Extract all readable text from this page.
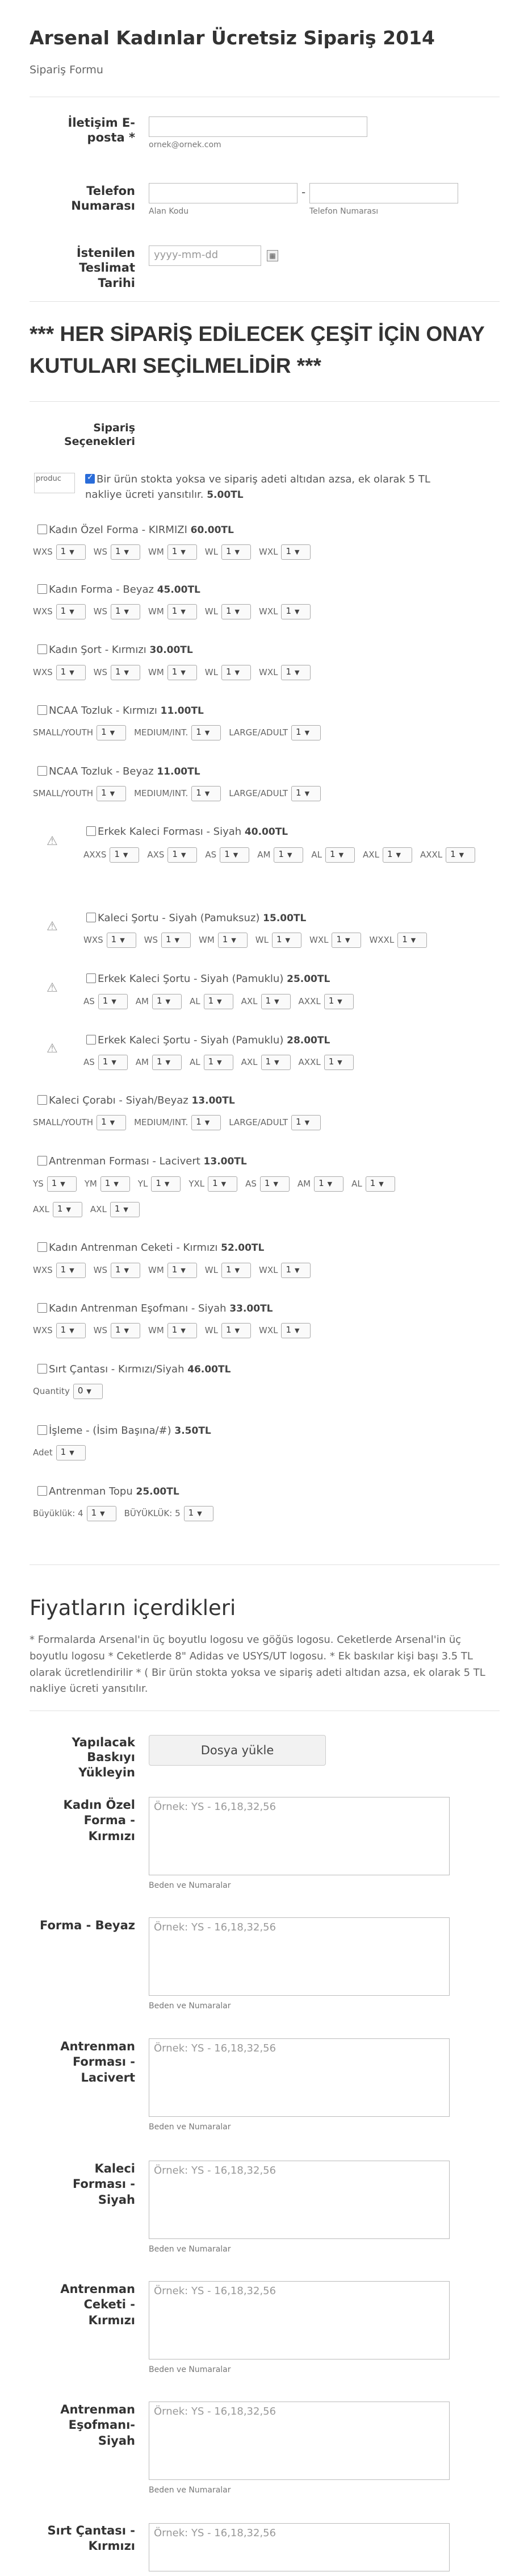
Arsenal Kadınlar Ücretsiz Sipariş 2014
Sipariş Formu
İletişim E-posta *
ornek@ornek.com
Telefon Numarası
-
Alan Kodu	Telefon Numarası
İstenilen Teslimat Tarihi
yyyy-mm-dd	▦
*** HER SİPARİŞ EDİLECEK ÇEŞİT İÇİN ONAY KUTULARI SEÇİLMELİDİR ***
Sipariş Seçenekleri
produc
✓	Bir ürün stokta yoksa ve sipariş adeti altıdan azsa, ek olarak 5 TL
nakliye ücreti yansıtılır. 5.00TL
Kadın Özel Forma - KIRMIZI 60.00TL
WXS 1 ▼ WS 1 ▼ WM 1 ▼ WL 1 ▼ WXL 1 ▼
Kadın Forma - Beyaz 45.00TL
WXS 1 ▼ WS 1 ▼ WM 1 ▼ WL 1 ▼ WXL 1 ▼
Kadın Şort - Kırmızı 30.00TL
WXS 1 ▼ WS 1 ▼ WM 1 ▼ WL 1 ▼ WXL 1 ▼
NCAA Tozluk - Kırmızı 11.00TL
SMALL/YOUTH 1 ▼ MEDIUM/INT. 1 ▼ LARGE/ADULT 1 ▼
NCAA Tozluk - Beyaz 11.00TL
SMALL/YOUTH 1 ▼ MEDIUM/INT. 1 ▼ LARGE/ADULT 1 ▼
⚠
Erkek Kaleci Forması - Siyah 40.00TL
AXXS 1 ▼ AXS 1 ▼ AS 1 ▼ AM 1 ▼ AL 1 ▼ AXL 1 ▼ AXXL 1 ▼
⚠
Kaleci Şortu - Siyah (Pamuksuz) 15.00TL
WXS 1 ▼ WS 1 ▼ WM 1 ▼ WL 1 ▼ WXL 1 ▼ WXXL 1 ▼
⚠
Erkek Kaleci Şortu - Siyah (Pamuklu) 25.00TL
AS 1 ▼ AM 1 ▼ AL 1 ▼ AXL 1 ▼ AXXL 1 ▼
⚠
Erkek Kaleci Şortu - Siyah (Pamuklu) 28.00TL
AS 1 ▼ AM 1 ▼ AL 1 ▼ AXL 1 ▼ AXXL 1 ▼
Kaleci Çorabı - Siyah/Beyaz 13.00TL
SMALL/YOUTH 1 ▼ MEDIUM/INT. 1 ▼ LARGE/ADULT 1 ▼
Antrenman Forması - Lacivert 13.00TL
YS 1 ▼ YM 1 ▼ YL 1 ▼ YXL 1 ▼ AS 1 ▼ AM 1 ▼ AL 1 ▼
AXL 1 ▼ AXL 1 ▼
Kadın Antrenman Ceketi - Kırmızı 52.00TL
WXS 1 ▼ WS 1 ▼ WM 1 ▼ WL 1 ▼ WXL 1 ▼
Kadın Antrenman Eşofmanı - Siyah 33.00TL
WXS 1 ▼ WS 1 ▼ WM 1 ▼ WL 1 ▼ WXL 1 ▼
Sırt Çantası - Kırmızı/Siyah 46.00TL
Quantity 0 ▼
İşleme - (İsim Başına/#) 3.50TL
Adet 1 ▼
Antrenman Topu 25.00TL
Büyüklük: 4 1 ▼ BÜYÜKLÜK: 5 1 ▼
Fiyatların içerdikleri
* Formalarda Arsenal'in üç boyutlu logosu ve göğüs logosu. Ceketlerde Arsenal'in üç boyutlu logosu * Ceketlerde 8" Adidas ve USYS/UT logosu. * Ek baskılar kişi başı 3.5 TL olarak ücretlendirilir * ( Bir ürün stokta yoksa ve sipariş adeti altıdan azsa, ek olarak 5 TL nakliye ücreti yansıtılır.
Yapılacak Baskıyı Yükleyin
Dosya yükle
Kadın Özel Forma - Kırmızı
Örnek: YS - 16,18,32,56
Beden ve Numaralar
Forma - Beyaz	Örnek: YS - 16,18,32,56
Beden ve Numaralar
Antrenman Forması - Lacivert
Örnek: YS - 16,18,32,56
Beden ve Numaralar
Kaleci Forması - Siyah
Örnek: YS - 16,18,32,56
Beden ve Numaralar
Antrenman Ceketi - Kırmızı
Örnek: YS - 16,18,32,56
Beden ve Numaralar
Antrenman Eşofmanı- Siyah
Örnek: YS - 16,18,32,56
Beden ve Numaralar
Sırt Çantası - Kırmızı
Örnek: YS - 16,18,32,56
